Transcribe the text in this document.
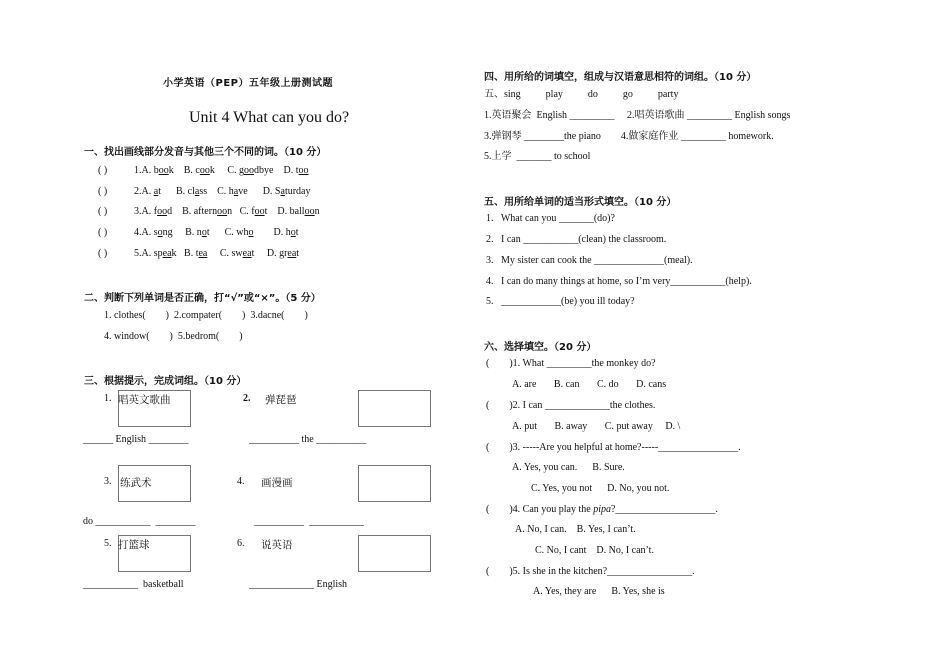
小学英语（PEP）五年级上册测试题
Unit 4 What can you do?
一、找出画线部分发音与其他三个不同的词。（10 分）
( )	1.A. book B. cook C. goodbye D. too
( )	2.A. at B. class C. have D. Saturday
( )	3.A. food B. afternoon C. foot D. balloon
( )	4.A. song B. not C. who D. hot
( )	5.A. speak B. tea C. sweat D. great
二、判断下列单词是否正确，打“√”或“×”。（5 分）
1. clothes(        )  2.compater(        )  3.dacne(        )
4. window(        )  5.bedrom(        )
三、根据提示，完成词组。（10 分）
1. 唱英文歌曲
______ English ________
2. 弹琵琶
__________ the __________
3. 练武术
do ___________  ________
4. 画漫画
__________  ___________
5. 打篮球
___________  basketball
6. 说英语
_____________ English
四、用所给的词填空，组成与汉语意思相符的词组。（10 分）
五、sing	play	do	go	party
1.英语聚会  English _________     2.唱英语歌曲 _________ English songs
3.弹钢琴 ________the piano        4.做家庭作业 _________ homework.
5.上学  _______ to school
五、用所给单词的适当形式填空。（10 分）
1.   What can you _______(do)?
2.   I can ___________(clean) the classroom.
3.   My sister can cook the ______________(meal).
4.   I can do many things at home, so I’m very___________(help).
5.   ____________(be) you ill today?
六、选择填空。（20 分）
(        )1. What _________the monkey do?
A. are       B. can       C. do       D. cans
(        )2. I can _____________the clothes.
A. put       B. away       C. put away     D. \
(        )3. -----Are you helpful at home?-----________________.
A. Yes, you can.      B. Sure.
C. Yes, you not      D. No, you not.
(        )4. Can you play the pipa?____________________.
A. No, I can.    B. Yes, I can’t.
C. No, I cant    D. No, I can’t.
(        )5. Is she in the kitchen?_________________.
A. Yes, they are      B. Yes, she is
